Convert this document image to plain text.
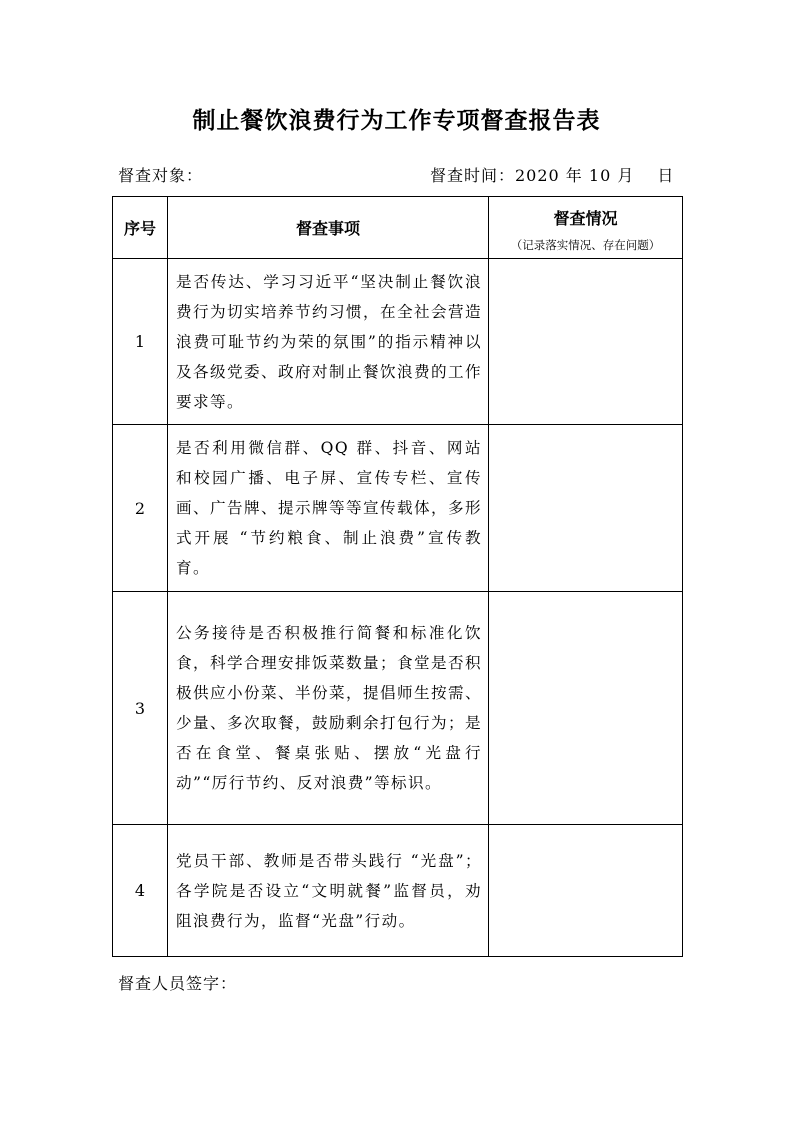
制止餐饮浪费行为工作专项督查报告表
督查对象：	督查时间：2020 年 10 月　 日
序号	督查事项	督查情况
（记录落实情况、存在问题）

1	是否传达、学习习近平“坚决制止餐饮浪费行为切实培养节约习惯，在全社会营造浪费可耻节约为荣的氛围”的指示精神以及各级党委、政府对制止餐饮浪费的工作要求等。	
2	是否利用微信群、QQ 群、抖音、网站和校园广播、电子屏、宣传专栏、宣传画、广告牌、提示牌等等宣传载体，多形式开展 “节约粮食、制止浪费”宣传教育。	
3	公务接待是否积极推行简餐和标准化饮食，科学合理安排饭菜数量；食堂是否积极供应小份菜、半份菜，提倡师生按需、少量、多次取餐，鼓励剩余打包行为；是否在食堂、餐桌张贴、摆放“光盘行动”“厉行节约、反对浪费”等标识。	
4	党员干部、教师是否带头践行 “光盘”；各学院是否设立“文明就餐”监督员，劝阻浪费行为，监督“光盘”行动。	
督查人员签字：
